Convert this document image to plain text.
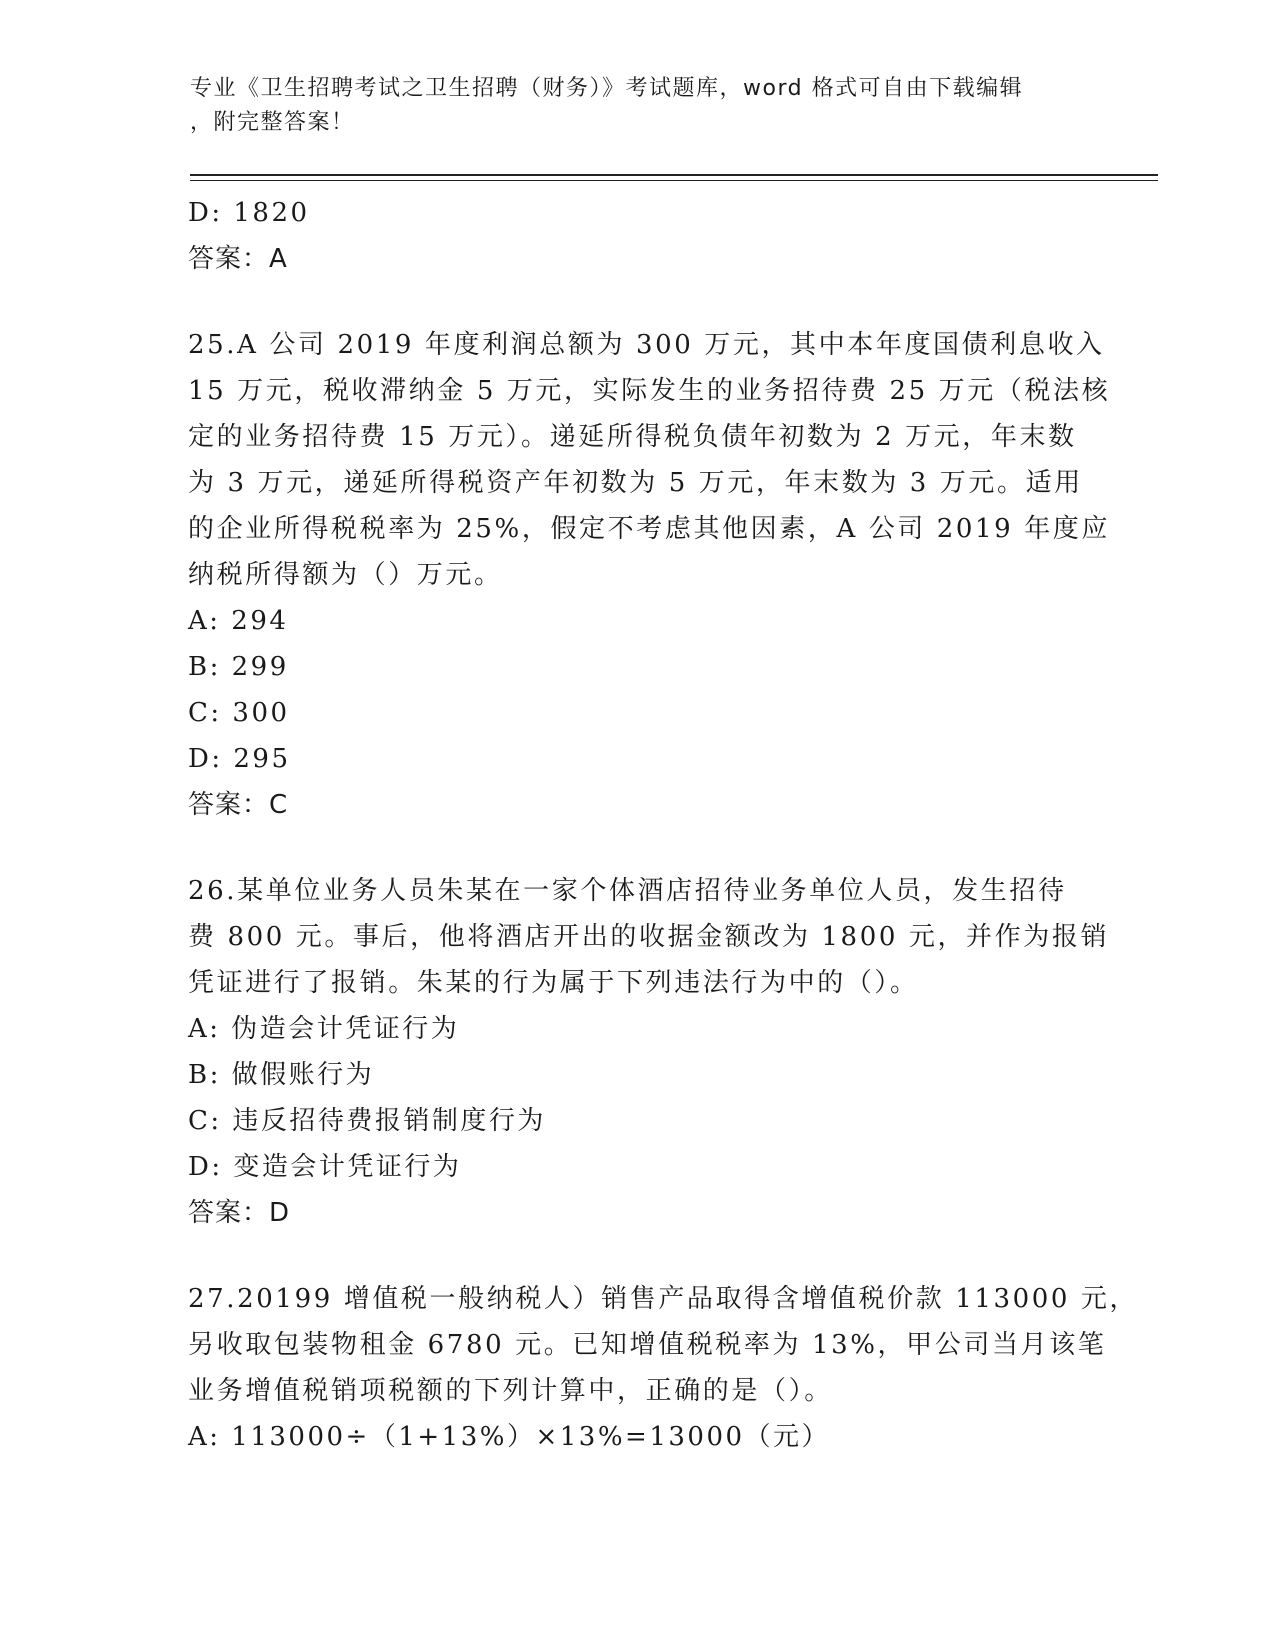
专业《卫生招聘考试之卫生招聘（财务）》考试题库，word 格式可自由下载编辑
，附完整答案！
D: 1820
答案：A
25.A 公司 2019 年度利润总额为 300 万元，其中本年度国债利息收入
15 万元，税收滞纳金 5 万元，实际发生的业务招待费 25 万元（税法核
定的业务招待费 15 万元）。递延所得税负债年初数为 2 万元，年末数
为 3 万元，递延所得税资产年初数为 5 万元，年末数为 3 万元。适用
的企业所得税税率为 25%，假定不考虑其他因素，A 公司 2019 年度应
纳税所得额为（）万元。
A: 294
B: 299
C: 300
D: 295
答案：C
26.某单位业务人员朱某在一家个体酒店招待业务单位人员，发生招待
费 800 元。事后，他将酒店开出的收据金额改为 1800 元，并作为报销
凭证进行了报销。朱某的行为属于下列违法行为中的（）。
A: 伪造会计凭证行为
B: 做假账行为
C: 违反招待费报销制度行为
D: 变造会计凭证行为
答案：D
27.20199 增值税一般纳税人）销售产品取得含增值税价款 113000 元，
另收取包装物租金 6780 元。已知增值税税率为 13%，甲公司当月该笔
业务增值税销项税额的下列计算中，正确的是（）。
A: 113000÷（1+13%）×13%=13000（元）
